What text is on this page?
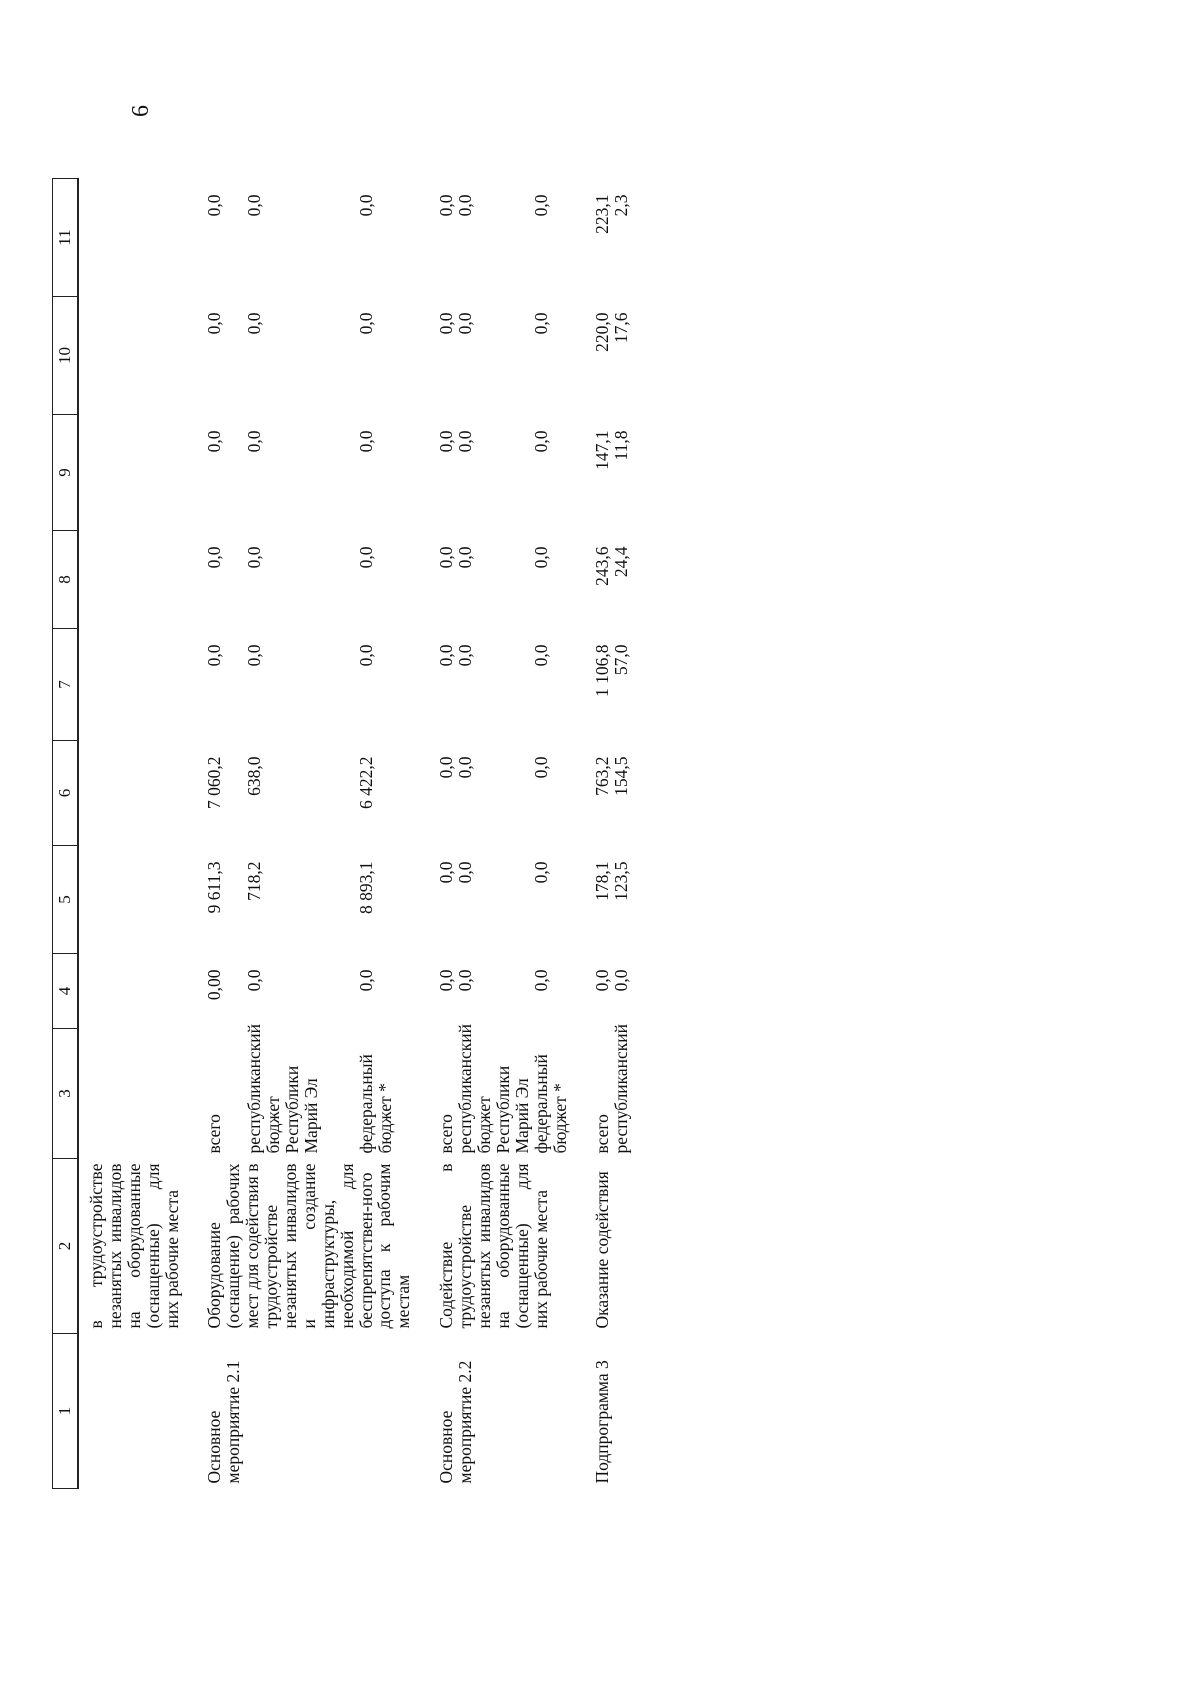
6
1	2	3	4	5	6	7	8	9	10	11
	в трудоустройстве незанятых инвалидов на оборудованные (оснащенные) для них рабочие места									
Основное мероприятие 2.1	Оборудование (оснащение) рабочих мест для содействия в трудоустройстве незанятых инвалидов и создание инфраструктуры, необходимой для беспрепятствен-ного доступа к рабочим местам	всего	0,00	9 611,3	7 060,2	0,0	0,0	0,0	0,0	0,0
		республиканский бюджет Республики Марий Эл	0,0	718,2	638,0	0,0	0,0	0,0	0,0	0,0
		федеральный бюджет *	0,0	8 893,1	6 422,2	0,0	0,0	0,0	0,0	0,0
Основное мероприятие 2.2	Содействие в трудоустройстве незанятых инвалидов на оборудованные (оснащенные) для них рабочие места	всего	0,0	0,0	0,0	0,0	0,0	0,0	0,0	0,0
		республиканский бюджет Республики Марий Эл	0,0	0,0	0,0	0,0	0,0	0,0	0,0	0,0
		федеральный бюджет *	0,0	0,0	0,0	0,0	0,0	0,0	0,0	0,0
Подпрограмма 3	Оказание содействия	всего	0,0	178,1	763,2	1 106,8	243,6	147,1	220,0	223,1
		республиканский	0,0	123,5	154,5	57,0	24,4	11,8	17,6	2,3
